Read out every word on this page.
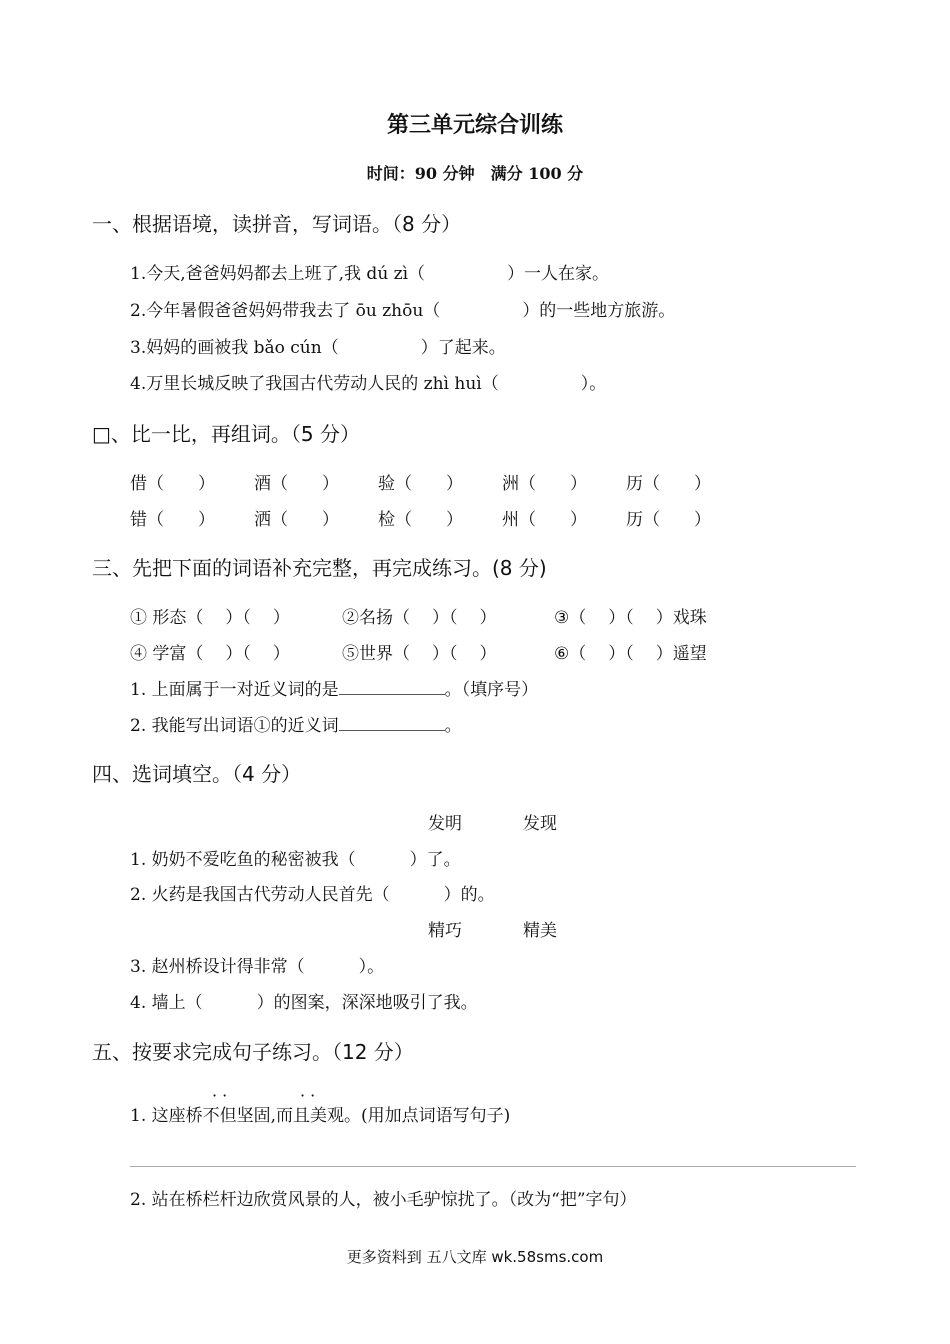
第三单元综合训练
时间：90 分钟　满分 100 分
一、根据语境，读拼音，写词语。（8 分）
1.今天,爸爸妈妈都去上班了,我 dú zì（	）一人在家。
2.今年暑假爸爸妈妈带我去了 ōu zhōu（	）的一些地方旅游。
3.妈妈的画被我 bǎo cún（	）了起来。
4.万里长城反映了我国古代劳动人民的 zhì huì（	）。
□、比一比，再组词。（5 分）
借（ ） 酒（ ） 验（ ） 洲（ ） 历（ ）
错（ ） 洒（ ） 检（ ） 州（ ） 历（ ）
三、先把下面的词语补充完整，再完成练习。(8 分)
① 形态（ ）（ ）	②名扬（ ）（ ）	③（ ）（ ）戏珠
④ 学富（ ）（ ）	⑤世界（ ）（ ）	⑥（ ）（ ）遥望
1. 上面属于一对近义词的是	。（填序号）
2. 我能写出词语①的近义词	。
四、选词填空。（4 分）
发明	发现
1. 奶奶不爱吃鱼的秘密被我（	）了。
2. 火药是我国古代劳动人民首先（	）的。
精巧	精美
3. 赵州桥设计得非常（	）。
4. 墙上（	）的图案，深深地吸引了我。
五、按要求完成句子练习。（12 分）
· ·	· ·
1. 这座桥不但坚固,而且美观。(用加点词语写句子)
2. 站在桥栏杆边欣赏风景的人，被小毛驴惊扰了。（改为“把”字句）
更多资料到 五八文库 wk.58sms.com
